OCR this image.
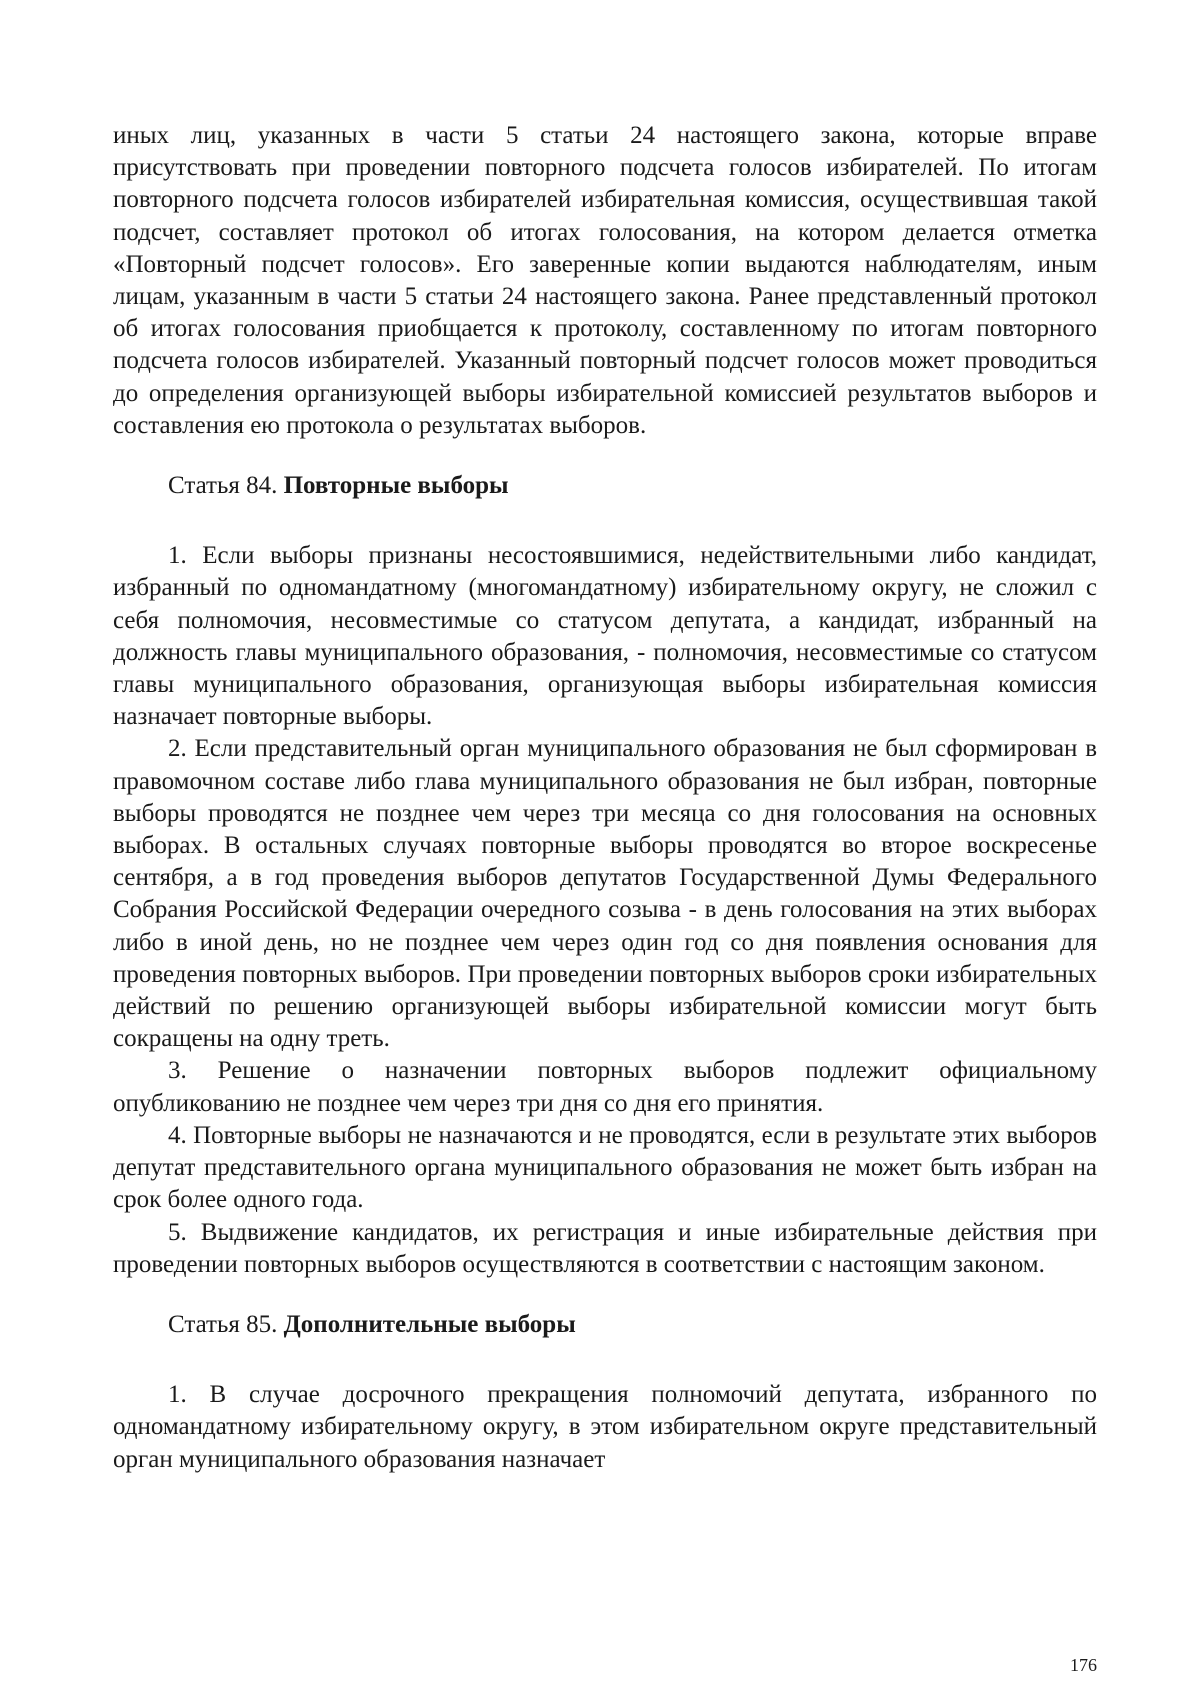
иных лиц, указанных в части 5 статьи 24 настоящего закона, которые вправе присутствовать при проведении повторного подсчета голосов избирателей. По итогам повторного подсчета голосов избирателей избирательная комиссия, осуществившая такой подсчет, составляет протокол об итогах голосования, на котором делается отметка «Повторный подсчет голосов». Его заверенные копии выдаются наблюдателям, иным лицам, указанным в части 5 статьи 24 настоящего закона. Ранее представленный протокол об итогах голосования приобщается к протоколу, составленному по итогам повторного подсчета голосов избирателей. Указанный повторный подсчет голосов может проводиться до определения организующей выборы избирательной комиссией результатов выборов и составления ею протокола о результатах выборов.

Статья 84. Повторные выборы

1. Если выборы признаны несостоявшимися, недействительными либо кандидат, избранный по одномандатному (многомандатному) избирательному округу, не сложил с себя полномочия, несовместимые со статусом депутата, а кандидат, избранный на должность главы муниципального образования, - полномочия, несовместимые со статусом главы муниципального образования, организующая выборы избирательная комиссия назначает повторные выборы.

2. Если представительный орган муниципального образования не был сформирован в правомочном составе либо глава муниципального образования не был избран, повторные выборы проводятся не позднее чем через три месяца со дня голосования на основных выборах. В остальных случаях повторные выборы проводятся во второе воскресенье сентября, а в год проведения выборов депутатов Государственной Думы Федерального Собрания Российской Федерации очередного созыва - в день голосования на этих выборах либо в иной день, но не позднее чем через один год со дня появления основания для проведения повторных выборов. При проведении повторных выборов сроки избирательных действий по решению организующей выборы избирательной комиссии могут быть сокращены на одну треть.

3. Решение о назначении повторных выборов подлежит официальному опубликованию не позднее чем через три дня со дня его принятия.

4. Повторные выборы не назначаются и не проводятся, если в результате этих выборов депутат представительного органа муниципального образования не может быть избран на срок более одного года.

5. Выдвижение кандидатов, их регистрация и иные избирательные действия при проведении повторных выборов осуществляются в соответствии с настоящим законом.

Статья 85. Дополнительные выборы

1. В случае досрочного прекращения полномочий депутата, избранного по одномандатному избирательному округу, в этом избирательном округе представительный орган муниципального образования назначает

176
